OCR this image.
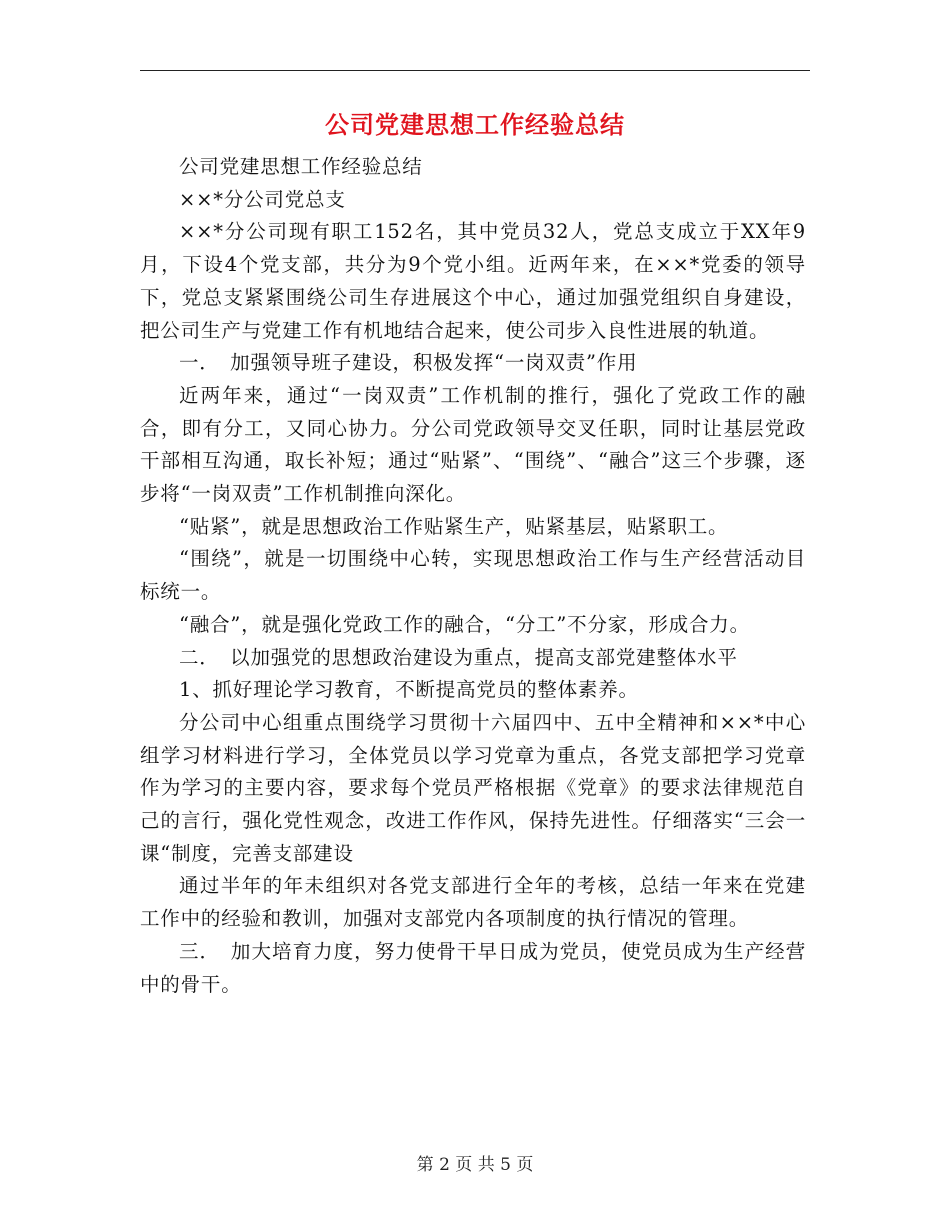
公司党建思想工作经验总结

公司党建思想工作经验总结

××*分公司党总支

××*分公司现有职工152名，其中党员32人，党总支成立于XX年9月，下设4个党支部，共分为9个党小组。近两年来，在××*党委的领导下，党总支紧紧围绕公司生存进展这个中心，通过加强党组织自身建设，把公司生产与党建工作有机地结合起来，使公司步入良性进展的轨道。

一．　加强领导班子建设，积极发挥“一岗双责”作用

近两年来，通过“一岗双责”工作机制的推行，强化了党政工作的融合，即有分工，又同心协力。分公司党政领导交叉任职，同时让基层党政干部相互沟通，取长补短；通过“贴紧”、“围绕”、“融合”这三个步骤，逐步将“一岗双责”工作机制推向深化。

“贴紧”，就是思想政治工作贴紧生产，贴紧基层，贴紧职工。

“围绕”，就是一切围绕中心转，实现思想政治工作与生产经营活动目标统一。

“融合”，就是强化党政工作的融合，“分工”不分家，形成合力。

二．　以加强党的思想政治建设为重点，提高支部党建整体水平

1、抓好理论学习教育，不断提高党员的整体素养。

分公司中心组重点围绕学习贯彻十六届四中、五中全精神和××*中心组学习材料进行学习，全体党员以学习党章为重点，各党支部把学习党章作为学习的主要内容，要求每个党员严格根据《党章》的要求法律规范自己的言行，强化党性观念，改进工作作风，保持先进性。仔细落实“三会一课“制度，完善支部建设

通过半年的年未组织对各党支部进行全年的考核，总结一年来在党建工作中的经验和教训，加强对支部党内各项制度的执行情况的管理。

三．　加大培育力度，努力使骨干早日成为党员，使党员成为生产经营中的骨干。

第 2 页 共 5 页
